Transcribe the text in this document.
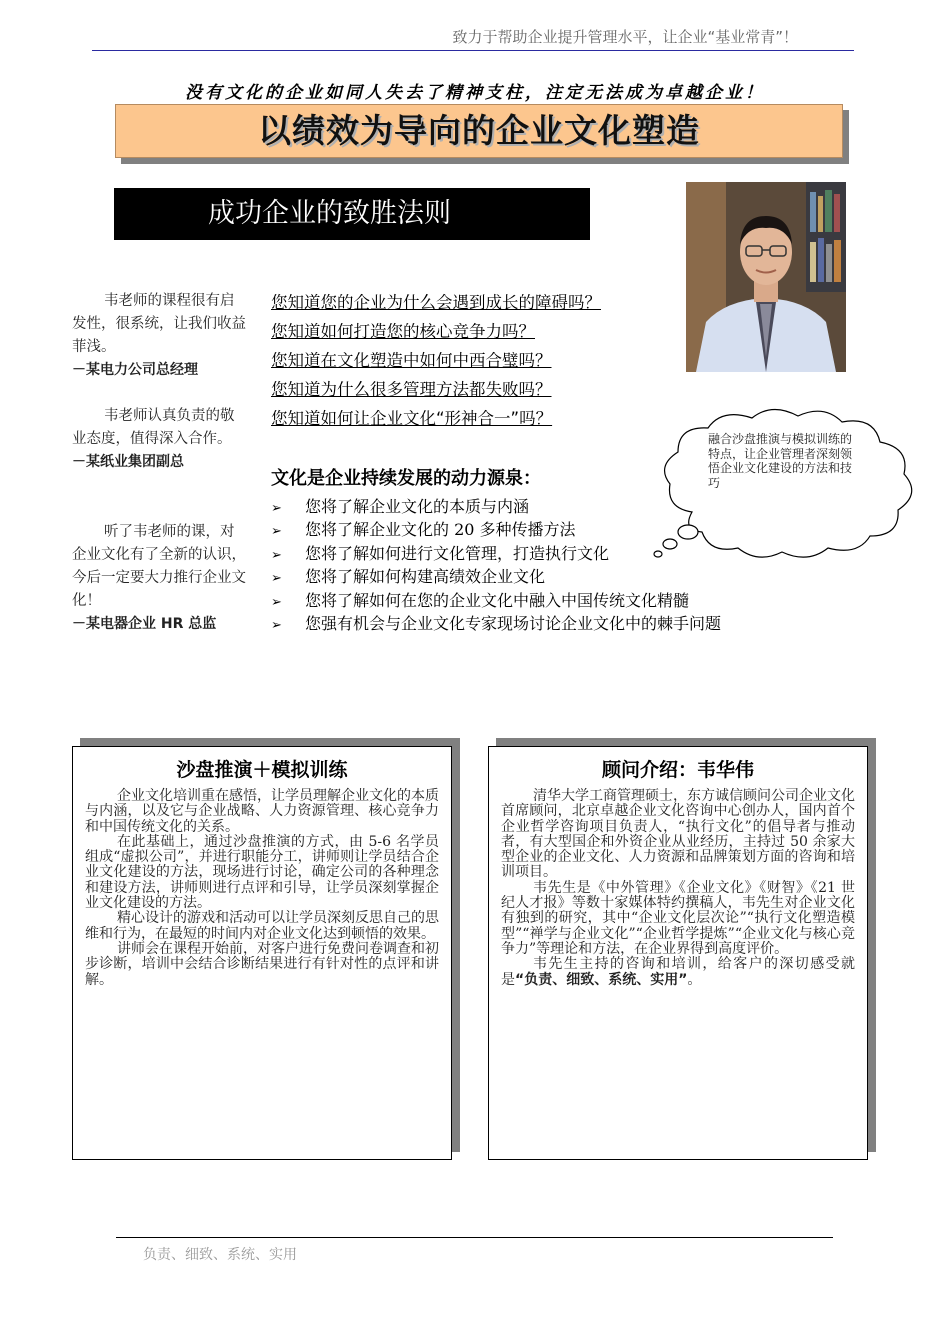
致力于帮助企业提升管理水平，让企业“基业常青”！
没有文化的企业如同人失去了精神支柱，注定无法成为卓越企业！
以绩效为导向的企业文化塑造
成功企业的致胜法则

韦老师的课程很有启发性，很系统，让我们收益菲浅。

－某电力公司总经理

韦老师认真负责的敬业态度，值得深入合作。

－某纸业集团副总

听了韦老师的课，对企业文化有了全新的认识，今后一定要大力推行企业文化！

－某电器企业 HR 总监
您知道您的企业为什么会遇到成长的障碍吗？
您知道如何打造您的核心竞争力吗？
您知道在文化塑造中如何中西合璧吗？
您知道为什么很多管理方法都失败吗？
您知道如何让企业文化“形神合一”吗？
融合沙盘推演与模拟训练的特点，让企业管理者深刻领悟企业文化建设的方法和技巧
文化是企业持续发展的动力源泉：
➢ 您将了解企业文化的本质与内涵
➢ 您将了解企业文化的 20 多种传播方法
➢ 您将了解如何进行文化管理，打造执行文化
➢ 您将了解如何构建高绩效企业文化
➢ 您将了解如何在您的企业文化中融入中国传统文化精髓
➢ 您强有机会与企业文化专家现场讨论企业文化中的棘手问题
沙盘推演＋模拟训练

企业文化培训重在感悟，让学员理解企业文化的本质与内涵，以及它与企业战略、人力资源管理、核心竞争力和中国传统文化的关系。

在此基础上，通过沙盘推演的方式，由 5-6 名学员组成“虚拟公司”，并进行职能分工，讲师则让学员结合企业文化建设的方法，现场进行讨论，确定公司的各种理念和建设方法，讲师则进行点评和引导，让学员深刻掌握企业文化建设的方法。

精心设计的游戏和活动可以让学员深刻反思自己的思维和行为，在最短的时间内对企业文化达到顿悟的效果。

讲师会在课程开始前，对客户进行免费问卷调查和初步诊断，培训中会结合诊断结果进行有针对性的点评和讲解。

顾问介绍：韦华伟

清华大学工商管理硕士，东方诚信顾问公司企业文化首席顾问，北京卓越企业文化咨询中心创办人，国内首个企业哲学咨询项目负责人，“执行文化”的倡导者与推动者，有大型国企和外资企业从业经历，主持过 50 余家大型企业的企业文化、人力资源和品牌策划方面的咨询和培训项目。

韦先生是《中外管理》《企业文化》《财智》《21 世纪人才报》等数十家媒体特约撰稿人，韦先生对企业文化有独到的研究，其中“企业文化层次论”“执行文化塑造模型”“禅学与企业文化”“企业哲学提炼”“企业文化与核心竞争力”等理论和方法，在企业界得到高度评价。

韦先生主持的咨询和培训，给客户的深切感受就是“负责、细致、系统、实用”。

负责、细致、系统、实用
